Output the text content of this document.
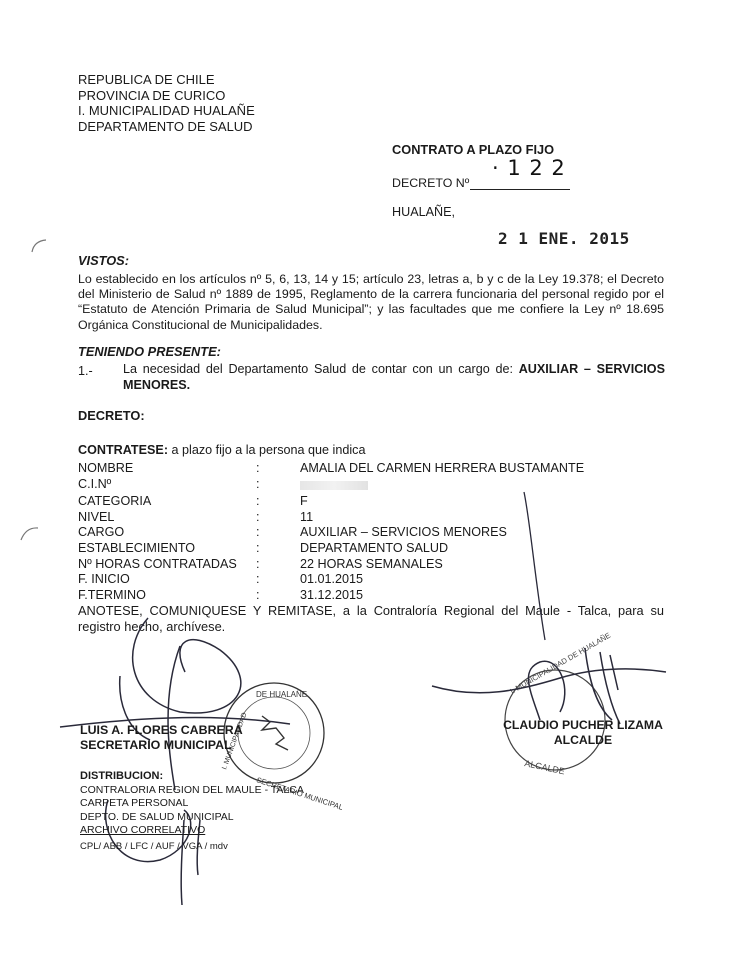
REPUBLICA DE CHILE
PROVINCIA DE CURICO
I. MUNICIPALIDAD HUALAÑE
DEPARTAMENTO DE SALUD
CONTRATO A PLAZO FIJO
DECRETO Nº
· 1 2 2
HUALAÑE,
2 1 ENE. 2015
VISTOS:
Lo establecido en los artículos nº 5, 6, 13, 14 y 15; artículo 23, letras a, b y c de la Ley 19.378; el Decreto del Ministerio de Salud nº 1889 de 1995, Reglamento de la carrera funcionaria del personal regido por el “Estatuto de Atención Primaria de Salud Municipal”; y las facultades que me confiere la Ley nº 18.695 Orgánica Constitucional de Municipalidades.
TENIENDO PRESENTE:
1.- La necesidad del Departamento Salud de contar con un cargo de: AUXILIAR – SERVICIOS MENORES.
DECRETO:
CONTRATESE: a plazo fijo a la persona que indica
NOMBRE	:	AMALIA DEL CARMEN HERRERA BUSTAMANTE
C.I.Nº	:	
CATEGORIA	:	F
NIVEL	:	11
CARGO	:	AUXILIAR – SERVICIOS MENORES
ESTABLECIMIENTO	:	DEPARTAMENTO SALUD
Nº HORAS CONTRATADAS	:	22 HORAS SEMANALES
F. INICIO	:	01.01.2015
F.TERMINO	:	31.12.2015
ANOTESE, COMUNIQUESE Y REMITASE, a la Contraloría Regional del Maule - Talca, para su registro hecho, archívese.
DE HUALAÑE
I. MUNICIPALIDAD
SECRETARIO MUNICIPAL
I. MUNICIPALIDAD DE HUALAÑE
ALCALDE
LUIS A. FLORES CABRERA
SECRETARIO MUNICIPAL
CLAUDIO PUCHER LIZAMA
ALCALDE
DISTRIBUCION:
CONTRALORIA REGION DEL MAULE - TALCA
CARPETA PERSONAL
DEPTO. DE SALUD MUNICIPAL
ARCHIVO CORRELATIVO
CPL/ ABB / LFC / AUF / VGA / mdv
